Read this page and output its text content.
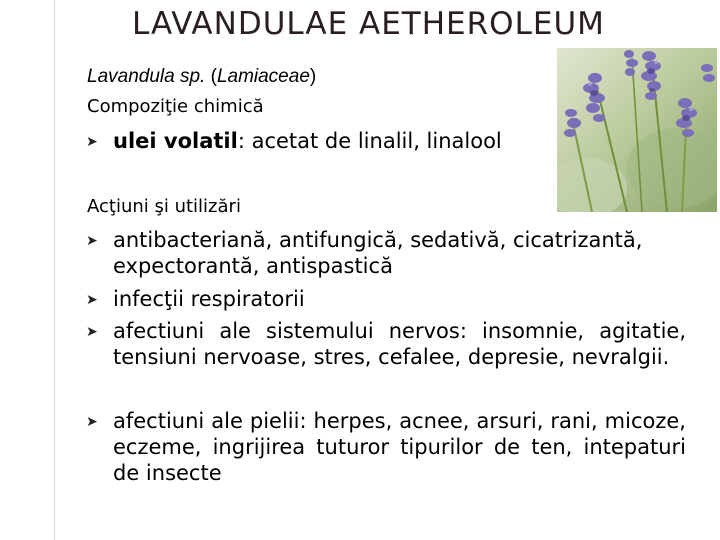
LAVANDULAE AETHEROLEUM
Lavandula sp. (Lamiaceae)
Compoziţie chimică
➤ ulei volatil: acetat de linalil, linalool
Acţiuni şi utilizări
➤ antibacteriană, antifungică, sedativă, cicatrizantă, expectorantă, antispastică
➤ infecţii respiratorii
➤ afectiuni ale sistemului nervos: insomnie, agitatie, tensiuni nervoase, stres, cefalee, depresie, nevralgii.
➤ afectiuni ale pielii: herpes, acnee, arsuri, rani, micoze, eczeme, ingrijirea tuturor tipurilor de ten, intepaturi de insecte
